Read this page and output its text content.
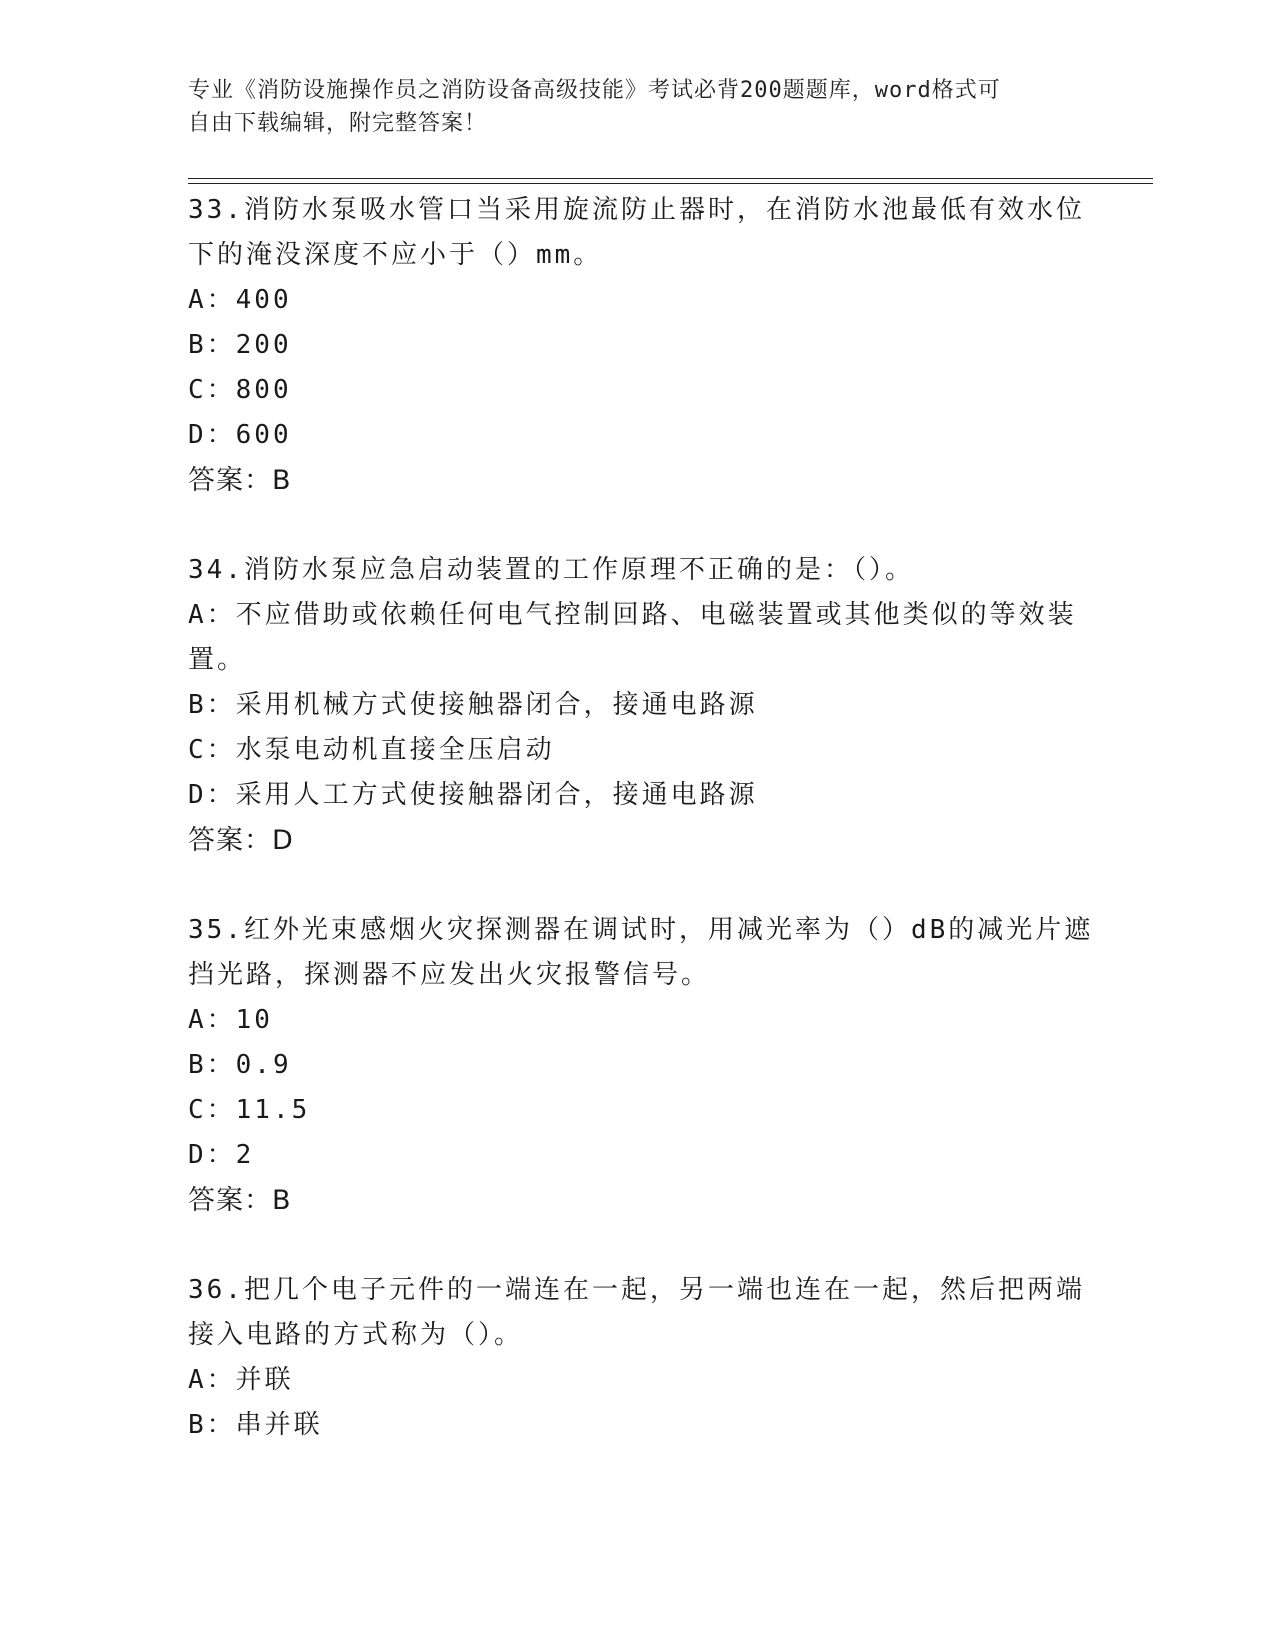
专业《消防设施操作员之消防设备高级技能》考试必背200题题库，word格式可
自由下载编辑，附完整答案！
33.消防水泵吸水管口当采用旋流防止器时，在消防水池最低有效水位
下的淹没深度不应小于（）mm。
A：400
B：200
C：800
D：600
答案：B
34.消防水泵应急启动装置的工作原理不正确的是：（）。
A：不应借助或依赖任何电气控制回路、电磁装置或其他类似的等效装
置。
B：采用机械方式使接触器闭合，接通电路源
C：水泵电动机直接全压启动
D：采用人工方式使接触器闭合，接通电路源
答案：D
35.红外光束感烟火灾探测器在调试时，用减光率为（）dB的减光片遮
挡光路，探测器不应发出火灾报警信号。
A：10
B：0.9
C：11.5
D：2
答案：B
36.把几个电子元件的一端连在一起，另一端也连在一起，然后把两端
接入电路的方式称为（）。
A：并联
B：串并联
